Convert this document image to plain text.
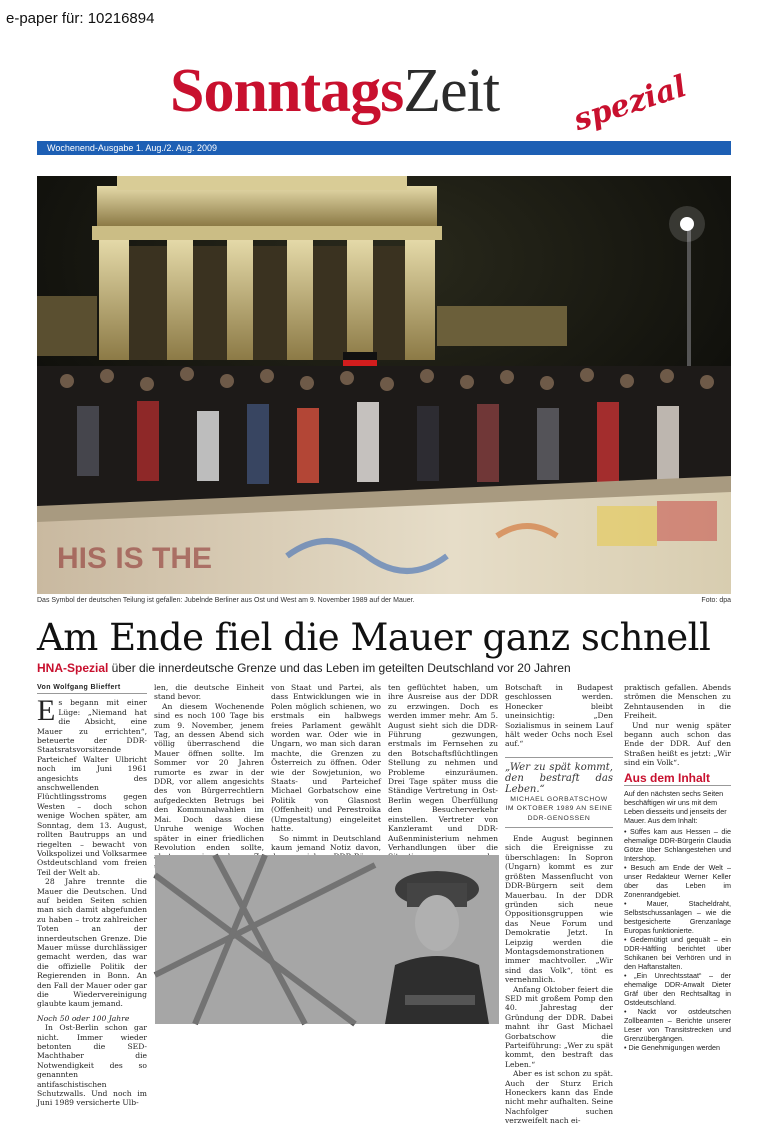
e-paper für: 10216894
SonntagsZeit spezial
Wochenend-Ausgabe 1. Aug./2. Aug. 2009
HIS IS THE
Das Symbol der deutschen Teilung ist gefallen: Jubelnde Berliner aus Ost und West am 9. November 1989 auf der Mauer.	Foto: dpa
Am Ende fiel die Mauer ganz schnell
HNA-Spezial über die innerdeutsche Grenze und das Leben im geteilten Deutschland vor 20 Jahren

Von Wolfgang Blieffert

Es begann mit einer Lüge: „Niemand hat die Absicht, eine Mauer zu errichten“, beteuerte der DDR-Staatsratsvorsitzende Parteichef Walter Ulbricht noch im Juni 1961 angesichts des anschwellenden Flüchtlingsstroms gegen Westen – doch schon wenige Wochen später, am Sonntag, dem 13. August, rollten Bautrupps an und riegelten – bewacht von Volkspolizei und Volksarmee Ostdeutschland vom freien Teil der Welt ab.

28 Jahre trennte die Mauer die Deutschen. Und auf beiden Seiten schien man sich damit abgefunden zu haben – trotz zahlreicher Toten an der innerdeutschen Grenze. Die Mauer müsse durchlässiger gemacht werden, das war die offizielle Politik der Regierenden in Bonn. An den Fall der Mauer oder gar die Wiedervereinigung glaubte kaum jemand.

Noch 50 oder 100 Jahre

In Ost-Berlin schon gar nicht. Immer wieder betonten die SED-Machthaber die Notwendigkeit des so genannten antifaschistischen Schutzwalls. Und noch im Juni 1989 versicherte Ulb-

len, die deutsche Einheit stand bevor.

An diesem Wochenende sind es noch 100 Tage bis zum 9. November, jenem Tag, an dessen Abend sich völlig überraschend die Mauer öffnen sollte. Im Sommer vor 20 Jahren rumorte es zwar in der DDR, vor allem angesichts des von Bürgerrechtlern aufgedeckten Betrugs bei den Kommunalwahlen im Mai. Doch dass diese Unruhe wenige Wochen später in einer friedlichen Revolution enden sollte,

von Staat und Partei, als dass Entwicklungen wie in Polen möglich schienen, wo erstmals ein halbwegs freies Parlament gewählt worden war. Oder wie in Ungarn, wo man sich daran machte, die Grenzen zu Österreich zu öffnen. Oder wie der Sowjetunion, wo Staats- und Parteichef Michael Gorbatschow eine Politik von Glasnost (Offenheit) und Perestroika (Umgestaltung) eingeleitet hatte.

So nimmt in Deutschland kaum jemand Notiz davon,

ten geflüchtet haben, um ihre Ausreise aus der DDR zu erzwingen. Doch es werden immer mehr. Am 5. August sieht sich die DDR-Führung gezwungen, erstmals im Fernsehen zu den Botschaftsflüchtlingen Stellung zu nehmen und Probleme einzuräumen. Drei Tage später muss die Ständige Vertretung in Ost-Berlin wegen Überfüllung den Besucherverkehr einstellen. Vertreter von Kanzleramt und DDR-Außenministerium nehmen Verhandlungen über die

Botschaft in Budapest geschlossen werden. Honecker bleibt uneinsichtig: „Den Sozialismus in seinem Lauf hält weder Ochs noch Esel auf.“

„Wer zu spät kommt, den bestraft das Leben.“

MICHAEL GORBATSCHOW IM OKTOBER 1989 AN SEINE DDR-GENOSSEN

Ende August beginnen sich die Ereignisse zu überschlagen: In Sopron (Ungarn) kommt es zur größten Massenflucht von DDR-Bürgern seit dem Mauerbau. In der DDR gründen sich neue Oppositionsgruppen wie das Neue Forum und Demokratie Jetzt. In Leipzig werden die Montagsdemonstrationen immer machtvoller. „Wir sind das Volk“, tönt es vernehmlich.

Anfang Oktober feiert die SED mit großem Pomp den 40. Jahrestag der Gründung der DDR. Dabei mahnt ihr Gast Michael Gorbatschow die Parteiführung: „Wer zu spät kommt, den bestraft das Leben.“

Aber es ist schon zu spät. Auch der Sturz Erich Honeckers kann das Ende nicht mehr aufhalten. Seine Nachfolger suchen verzweifelt nach ei-

praktisch gefallen. Abends strömen die Menschen zu Zehntausenden in die Freiheit.

Und nur wenig später begann auch schon das Ende der DDR. Auf den Straßen heißt es jetzt: „Wir sind ein Volk“.

Aus dem Inhalt

Auf den nächsten sechs Seiten beschäftigen wir uns mit dem Leben diesseits und jenseits der Mauer. Aus dem Inhalt:

• Süffes kam aus Hessen – die ehemalige DDR-Bürgerin Claudia Götze über Schlangestehen und Intershop.
• Besuch am Ende der Welt – unser Redakteur Werner Keller über das Leben im Zonenrandgebiet.
• Mauer, Stacheldraht, Selbstschussanlagen – wie die bestgesicherte Grenzanlage Europas funktionierte.
• Gedemütigt und gequält – ein DDR-Häftling berichtet über Schikanen bei Verhören und in den Haftanstalten.
• „Ein Unrechtsstaat“ – der ehemalige DDR-Anwalt Dieter Gräf über den Rechtsalltag in Ostdeutschland.
• Nackt vor ostdeutschen Zollbeamten – Berichte unserer Leser von Transitstrecken und Grenzübergängen.
• Die Genehmigungen werden
